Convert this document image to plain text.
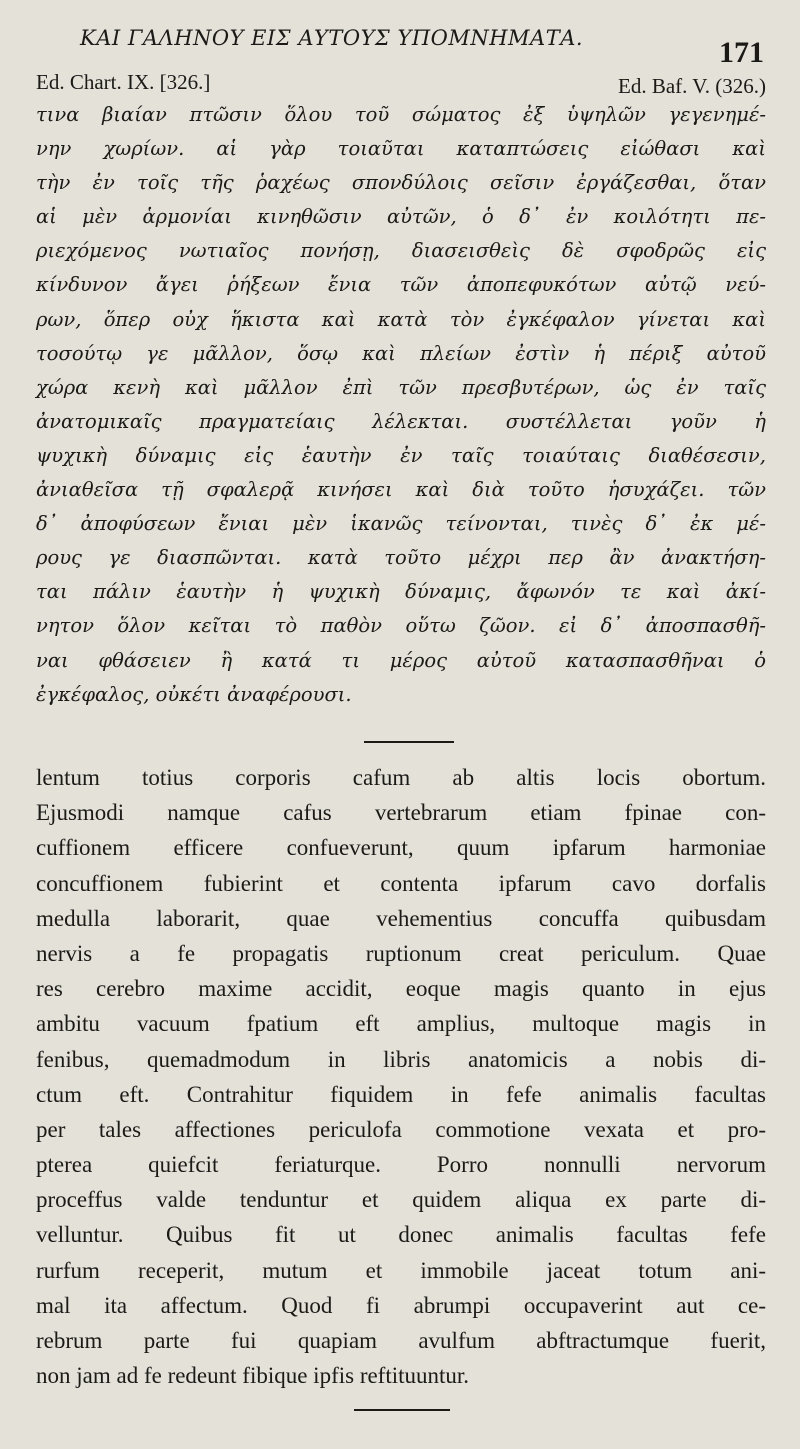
ΚΑΙ ΓΑΛΗΝΟΥ ΕΙΣ ΑΥΤΟΥΣ ΥΠΟΜΝΗΜΑΤΑ.	171
Ed. Chart. IX. [326.]	Ed. Baf. V. (326.)
τινα βιαίαν πτῶσιν ὅλου τοῦ σώματος ἐξ ὑψηλῶν γεγενημέ-
νην χωρίων. αἱ γὰρ τοιαῦται καταπτώσεις εἰώθασι καὶ
τὴν ἐν τοῖς τῆς ῥαχέως σπονδύλοις σεῖσιν ἐργάζεσθαι, ὅταν
αἱ μὲν ἁρμονίαι κινηθῶσιν αὐτῶν, ὁ δ᾽ ἐν κοιλότητι πε-
ριεχόμενος νωτιαῖος πονήσῃ, διασεισθεὶς δὲ σφοδρῶς εἰς
κίνδυνον ἄγει ῥήξεων ἔνια τῶν ἀποπεφυκότων αὐτῷ νεύ-
ρων, ὅπερ οὐχ ἥκιστα καὶ κατὰ τὸν ἐγκέφαλον γίνεται καὶ
τοσούτῳ γε μᾶλλον, ὅσῳ καὶ πλείων ἐστὶν ἡ πέριξ αὐτοῦ
χώρα κενὴ καὶ μᾶλλον ἐπὶ τῶν πρεσβυτέρων, ὡς ἐν ταῖς
ἀνατομικαῖς πραγματείαις λέλεκται. συστέλλεται γοῦν ἡ
ψυχικὴ δύναμις εἰς ἑαυτὴν ἐν ταῖς τοιαύταις διαθέσεσιν,
ἀνιαθεῖσα τῇ σφαλερᾷ κινήσει καὶ διὰ τοῦτο ἡσυχάζει. τῶν
δ᾽ ἀποφύσεων ἔνιαι μὲν ἱκανῶς τείνονται, τινὲς δ᾽ ἐκ μέ-
ρους γε διασπῶνται. κατὰ τοῦτο μέχρι περ ἂν ἀνακτήση-
ται πάλιν ἑαυτὴν ἡ ψυχικὴ δύναμις, ἄφωνόν τε καὶ ἀκί-
νητον ὅλον κεῖται τὸ παθὸν οὕτω ζῶον. εἰ δ᾽ ἀποσπασθῆ-
ναι φθάσειεν ἢ κατά τι μέρος αὐτοῦ κατασπασθῆναι ὁ
ἐγκέφαλος, οὐκέτι ἀναφέρουσι.
lentum totius corporis cafum ab altis locis obortum.
Ejusmodi namque cafus vertebrarum etiam fpinae con-
cuffionem efficere confueverunt, quum ipfarum harmoniae
concuffionem fubierint et contenta ipfarum cavo dorfalis
medulla laborarit, quae vehementius concuffa quibusdam
nervis a fe propagatis ruptionum creat periculum. Quae
res cerebro maxime accidit, eoque magis quanto in ejus
ambitu vacuum fpatium eft amplius, multoque magis in
fenibus, quemadmodum in libris anatomicis a nobis di-
ctum eft. Contrahitur fiquidem in fefe animalis facultas
per tales affectiones periculofa commotione vexata et pro-
pterea quiefcit feriaturque. Porro nonnulli nervorum
proceffus valde tenduntur et quidem aliqua ex parte di-
velluntur. Quibus fit ut donec animalis facultas fefe
rurfum receperit, mutum et immobile jaceat totum ani-
mal ita affectum. Quod fi abrumpi occupaverint aut ce-
rebrum parte fui quapiam avulfum abftractumque fuerit,
non jam ad fe redeunt fibique ipfis reftituuntur.
